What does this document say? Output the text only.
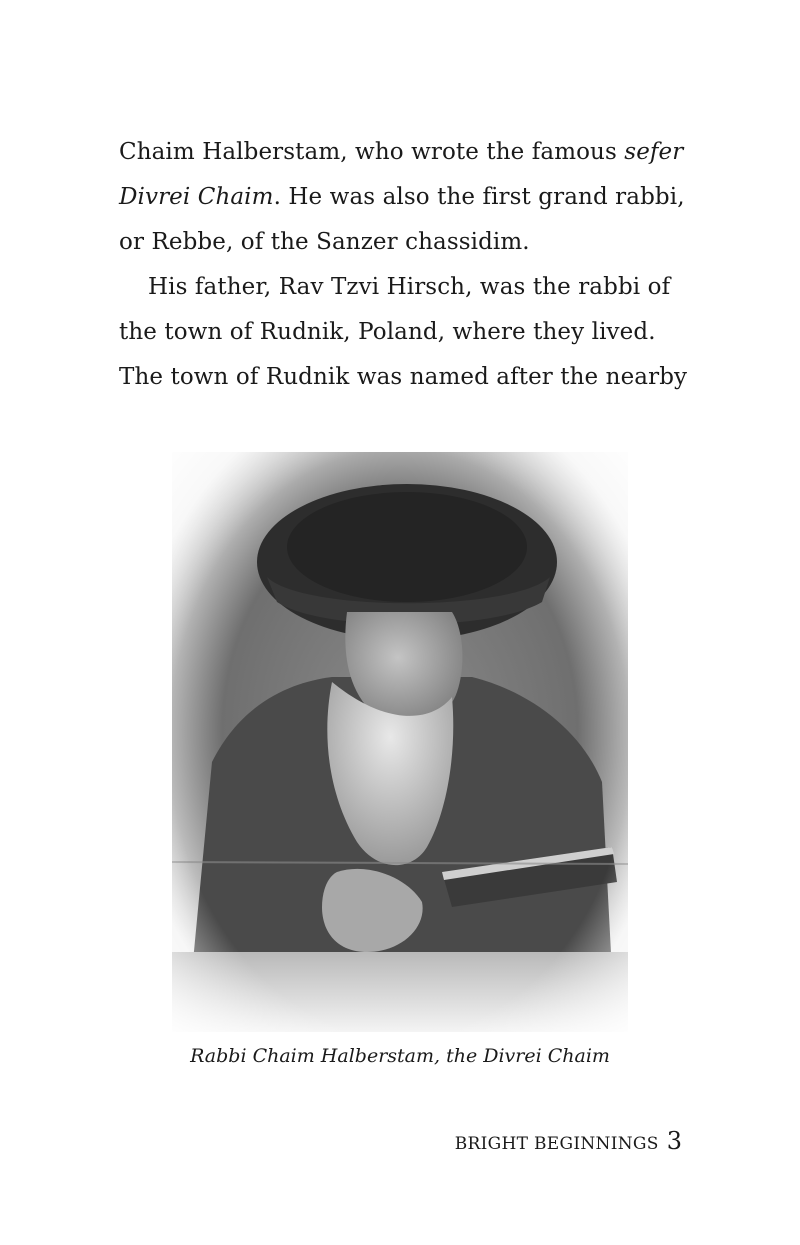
Chaim Halberstam, who wrote the famous sefer
Divrei Chaim. He was also the first grand rabbi,
or Rebbe, of the Sanzer chassidim.
His father, Rav Tzvi Hirsch, was the rabbi of
the town of Rudnik, Poland, where they lived.
The town of Rudnik was named after the nearby
Rabbi Chaim Halberstam, the Divrei Chaim
BRIGHT BEGINNINGS 3
